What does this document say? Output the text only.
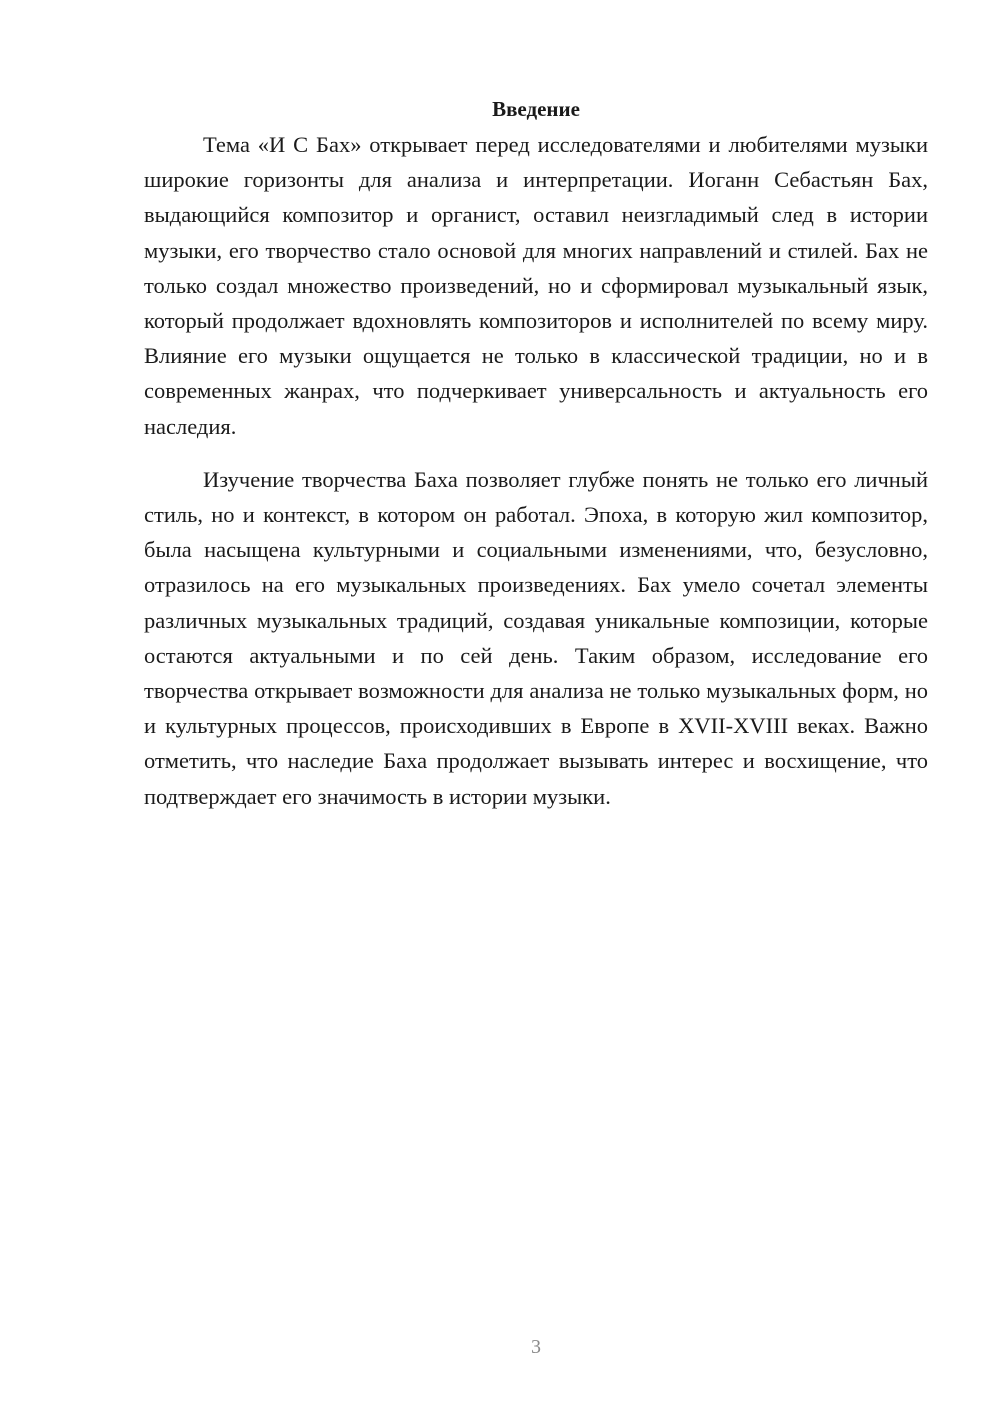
Введение

Тема «И С Бах» открывает перед исследователями и любителями музыки широкие горизонты для анализа и интерпретации. Иоганн Себастьян Бах, выдающийся композитор и органист, оставил неизгладимый след в истории музыки, его творчество стало основой для многих направлений и стилей. Бах не только создал множество произведений, но и сформировал музыкальный язык, который продолжает вдохновлять композиторов и исполнителей по всему миру. Влияние его музыки ощущается не только в классической традиции, но и в современных жанрах, что подчеркивает универсальность и актуальность его наследия.

Изучение творчества Баха позволяет глубже понять не только его личный стиль, но и контекст, в котором он работал. Эпоха, в которую жил композитор, была насыщена культурными и социальными изменениями, что, безусловно, отразилось на его музыкальных произведениях. Бах умело сочетал элементы различных музыкальных традиций, создавая уникальные композиции, которые остаются актуальными и по сей день. Таким образом, исследование его творчества открывает возможности для анализа не только музыкальных форм, но и культурных процессов, происходивших в Европе в XVII-XVIII веках. Важно отметить, что наследие Баха продолжает вызывать интерес и восхищение, что подтверждает его значимость в истории музыки.

3
